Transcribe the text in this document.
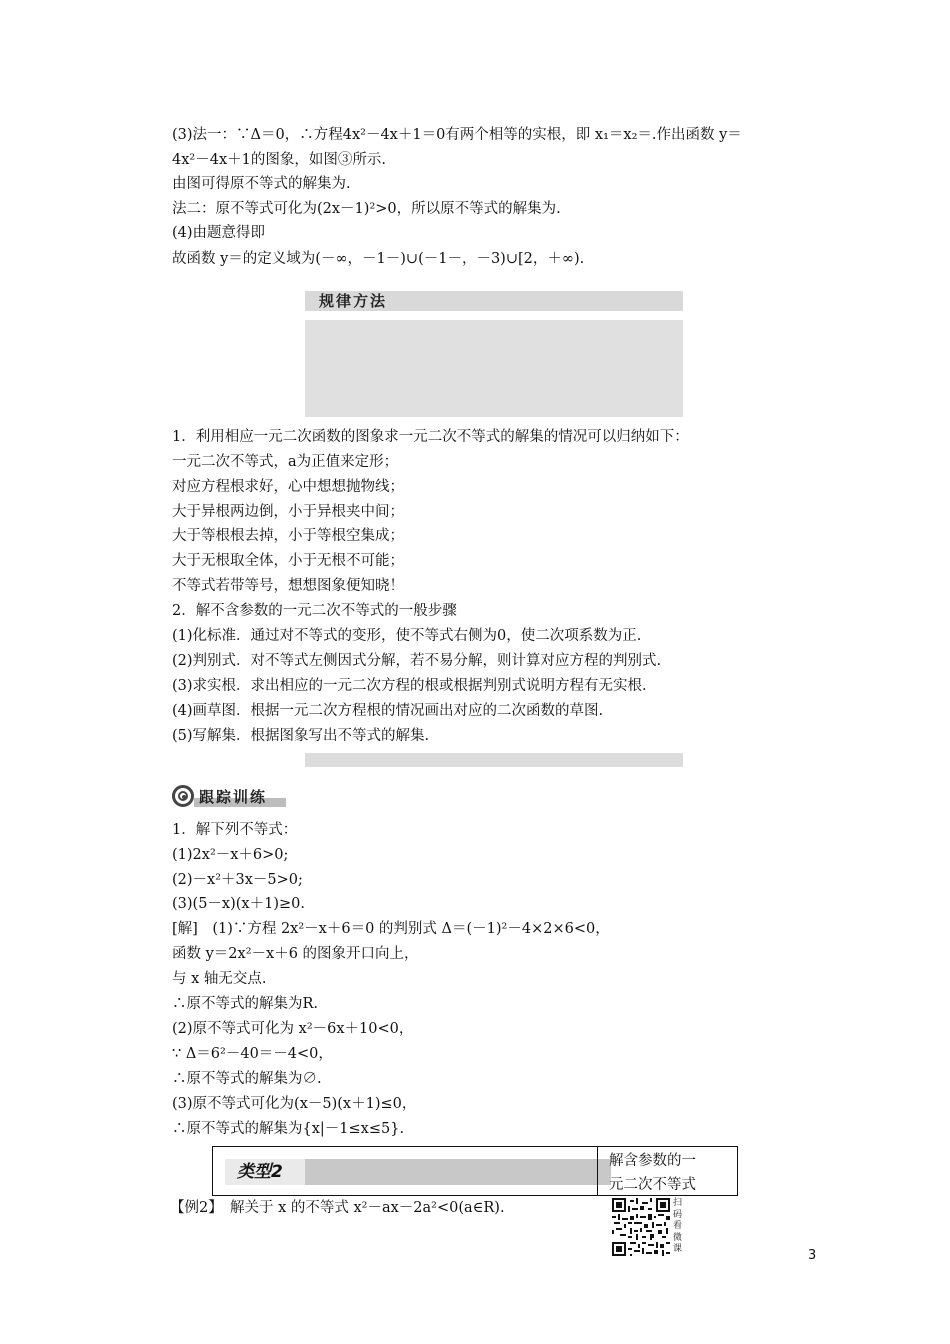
(3)法一：∵Δ＝0，∴方程4x²－4x＋1＝0有两个相等的实根，即 x₁＝x₂＝.作出函数 y＝
4x²－4x＋1的图象，如图③所示.
由图可得原不等式的解集为.
法二：原不等式可化为(2x－1)²>0，所以原不等式的解集为.
(4)由题意得即
故函数 y＝的定义域为(－∞，－1－)∪(－1－，－3)∪[2，＋∞).
规律方法
1．利用相应一元二次函数的图象求一元二次不等式的解集的情况可以归纳如下：
一元二次不等式，a为正值来定形；
对应方程根求好，心中想想抛物线；
大于异根两边倒，小于异根夹中间；
大于等根根去掉，小于等根空集成；
大于无根取全体，小于无根不可能；
不等式若带等号，想想图象便知晓！
2．解不含参数的一元二次不等式的一般步骤
(1)化标准．通过对不等式的变形，使不等式右侧为0，使二次项系数为正.
(2)判别式．对不等式左侧因式分解，若不易分解，则计算对应方程的判别式.
(3)求实根．求出相应的一元二次方程的根或根据判别式说明方程有无实根.
(4)画草图．根据一元二次方程根的情况画出对应的二次函数的草图.
(5)写解集．根据图象写出不等式的解集.
跟踪训练
1．解下列不等式：
(1)2x²－x＋6>0;
(2)－x²＋3x－5>0;
(3)(5－x)(x＋1)≥0.
[解]　(1)∵方程 2x²－x＋6＝0 的判别式 Δ＝(－1)²－4×2×6<0，
函数 y＝2x²－x＋6 的图象开口向上，
与 x 轴无交点.
∴原不等式的解集为R.
(2)原不等式可化为 x²－6x＋10<0，
∵ Δ＝6²－40＝－4<0，
∴原不等式的解集为∅.
(3)原不等式可化为(x－5)(x＋1)≤0，
∴原不等式的解集为{x|－1≤x≤5}.
类型2
解含参数的一
元二次不等式
【例2】　解关于 x 的不等式 x²－ax－2a²<0(a∈R).	扫
码
看
微
课	3
